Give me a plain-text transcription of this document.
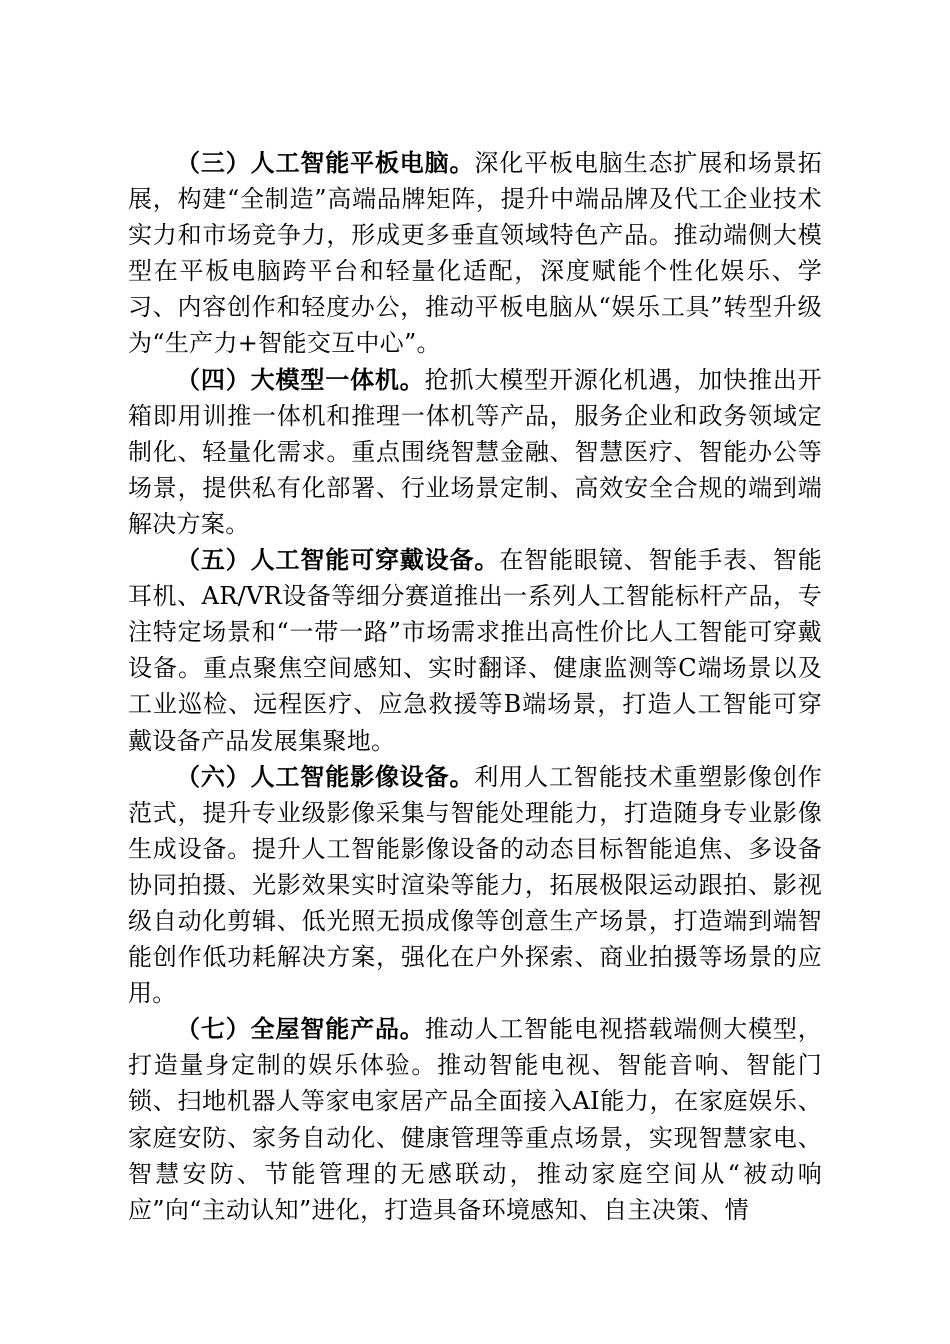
（三）人工智能平板电脑。深化平板电脑生态扩展和场景拓展，构建“全制造”高端品牌矩阵，提升中端品牌及代工企业技术实力和市场竞争力，形成更多垂直领域特色产品。推动端侧大模型在平板电脑跨平台和轻量化适配，深度赋能个性化娱乐、学习、内容创作和轻度办公，推动平板电脑从“娱乐工具”转型升级为“生产力+智能交互中心”。

（四）大模型一体机。抢抓大模型开源化机遇，加快推出开箱即用训推一体机和推理一体机等产品，服务企业和政务领域定制化、轻量化需求。重点围绕智慧金融、智慧医疗、智能办公等场景，提供私有化部署、行业场景定制、高效安全合规的端到端解决方案。

（五）人工智能可穿戴设备。在智能眼镜、智能手表、智能耳机、AR/VR设备等细分赛道推出一系列人工智能标杆产品，专注特定场景和“一带一路”市场需求推出高性价比人工智能可穿戴设备。重点聚焦空间感知、实时翻译、健康监测等C端场景以及工业巡检、远程医疗、应急救援等B端场景，打造人工智能可穿戴设备产品发展集聚地。

（六）人工智能影像设备。利用人工智能技术重塑影像创作范式，提升专业级影像采集与智能处理能力，打造随身专业影像生成设备。提升人工智能影像设备的动态目标智能追焦、多设备协同拍摄、光影效果实时渲染等能力，拓展极限运动跟拍、影视级自动化剪辑、低光照无损成像等创意生产场景，打造端到端智能创作低功耗解决方案，强化在户外探索、商业拍摄等场景的应用。

（七）全屋智能产品。推动人工智能电视搭载端侧大模型，打造量身定制的娱乐体验。推动智能电视、智能音响、智能门锁、扫地机器人等家电家居产品全面接入AI能力，在家庭娱乐、家庭安防、家务自动化、健康管理等重点场景，实现智慧家电、智慧安防、节能管理的无感联动，推动家庭空间从“被动响应”向“主动认知”进化，打造具备环境感知、自主决策、情
